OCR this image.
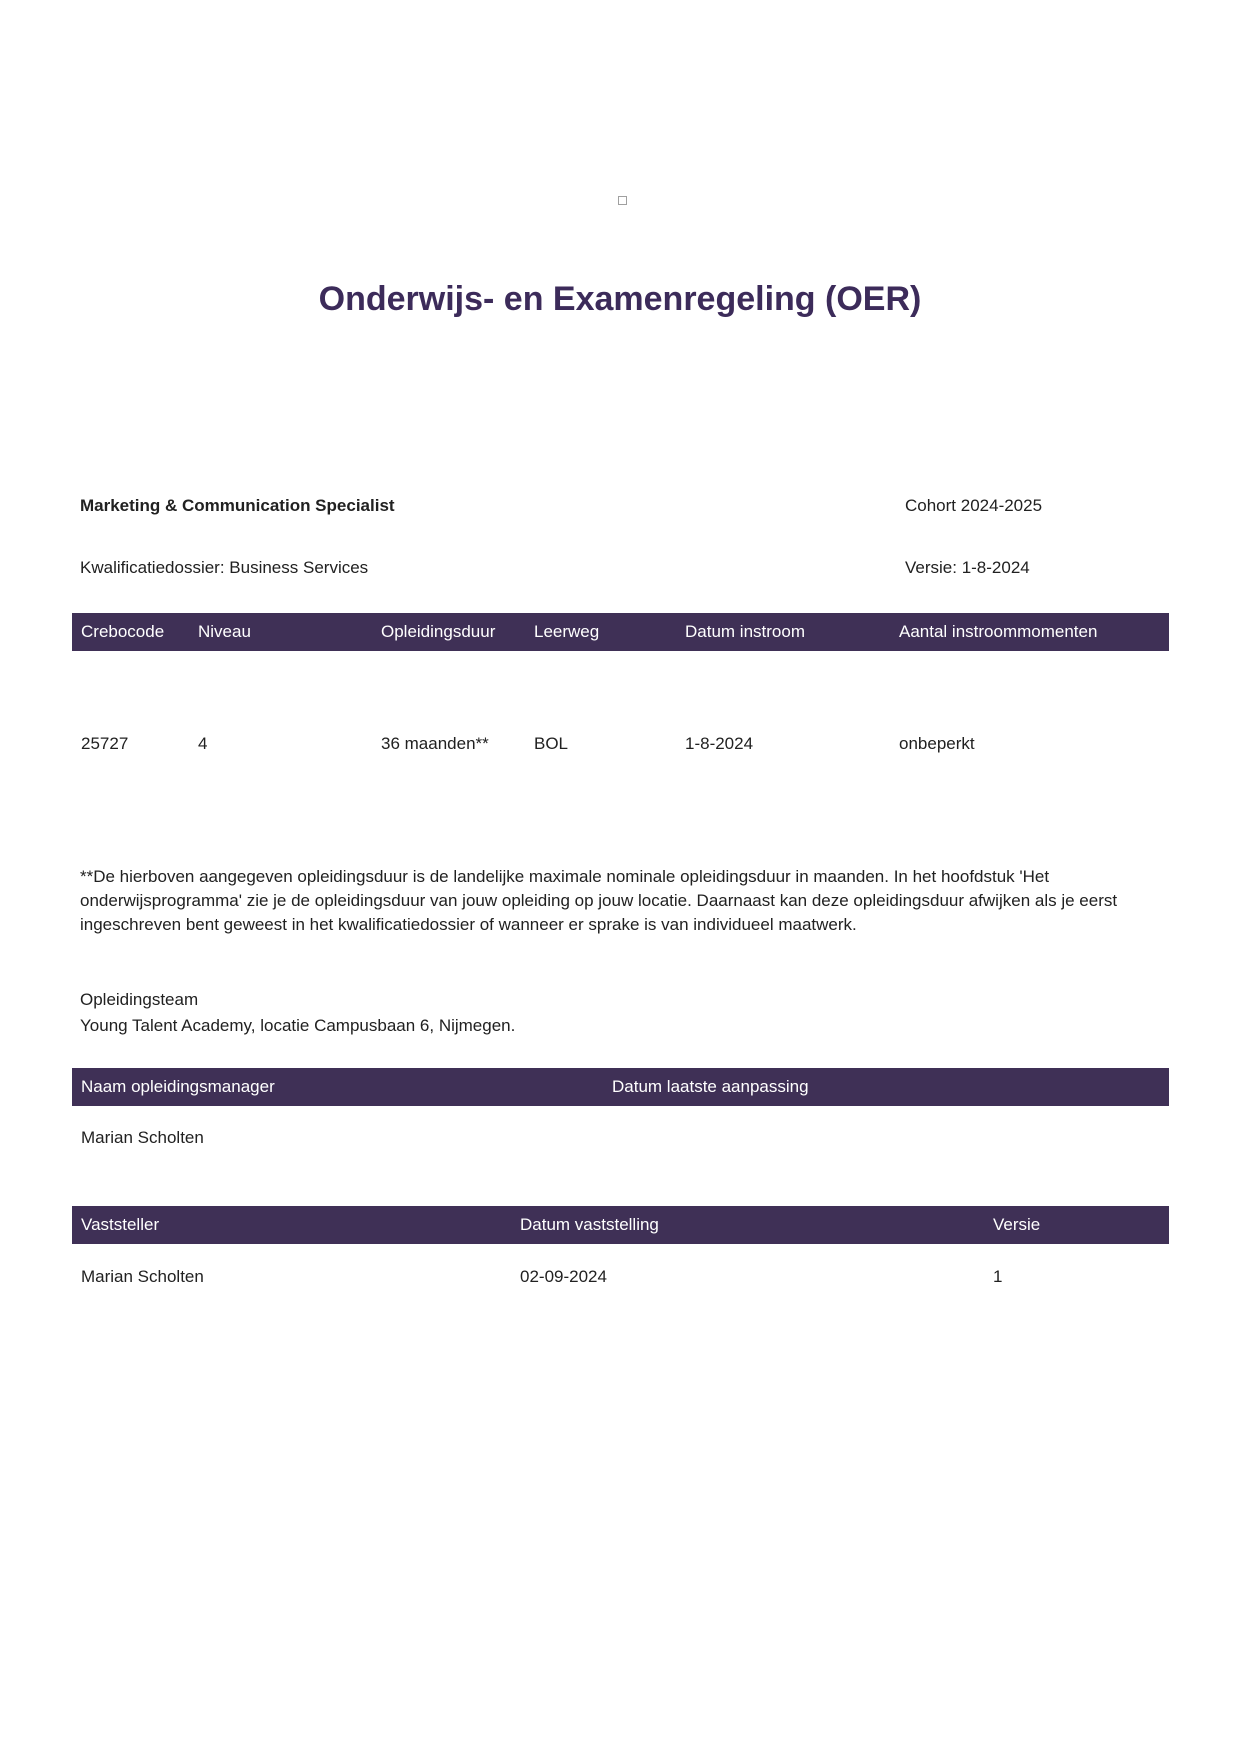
Onderwijs- en Examenregeling (OER)
Marketing & Communication Specialist	Cohort 2024-2025
Kwalificatiedossier: Business Services	Versie: 1-8-2024
Crebocode	Niveau	Opleidingsduur	Leerweg	Datum instroom	Aantal instroommomenten
25727	4	36 maanden**	BOL	1-8-2024	onbeperkt

**De hierboven aangegeven opleidingsduur is de landelijke maximale nominale opleidingsduur in maanden. In het hoofdstuk 'Het onderwijsprogramma' zie je de opleidingsduur van jouw opleiding op jouw locatie. Daarnaast kan deze opleidingsduur afwijken als je eerst ingeschreven bent geweest in het kwalificatiedossier of wanneer er sprake is van individueel maatwerk.

Opleidingsteam
Young Talent Academy, locatie Campusbaan 6, Nijmegen.
Naam opleidingsmanager	Datum laatste aanpassing
Marian Scholten
Vaststeller	Datum vaststelling	Versie
Marian Scholten	02-09-2024	1
